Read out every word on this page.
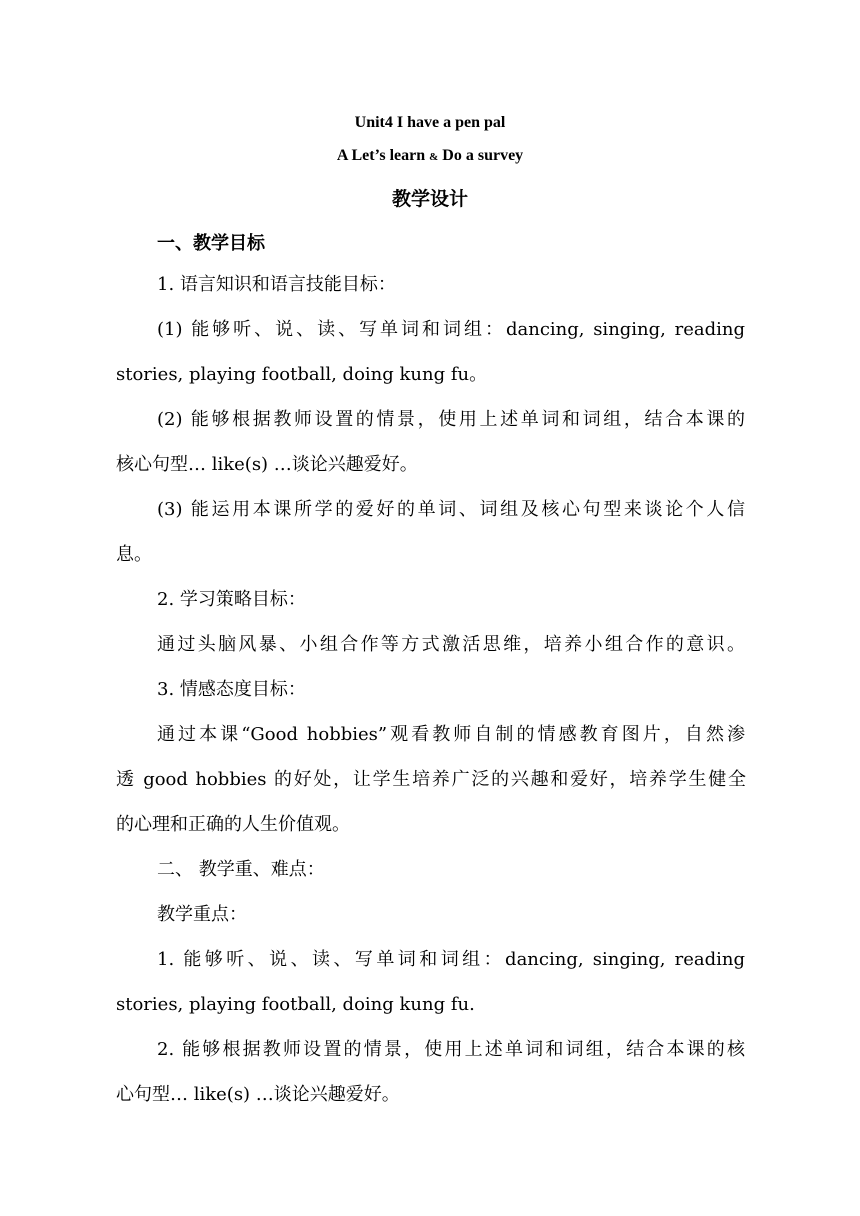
Unit4 I have a pen pal
A Let’s learn & Do a survey
教学设计
一、教学目标
1. 语言知识和语言技能目标：
(1) 能够听、说、读、写单词和词组：dancing, singing, reading
stories, playing football, doing kung fu。
(2) 能够根据教师设置的情景，使用上述单词和词组，结合本课的
核心句型… like(s) …谈论兴趣爱好。
(3) 能运用本课所学的爱好的单词、词组及核心句型来谈论个人信
息。
2. 学习策略目标：
通过头脑风暴、小组合作等方式激活思维，培养小组合作的意识。
3. 情感态度目标：
通过本课“Good hobbies”观看教师自制的情感教育图片，自然渗
透 good hobbies 的好处，让学生培养广泛的兴趣和爱好，培养学生健全
的心理和正确的人生价值观。
二、 教学重、难点：
教学重点：
1. 能够听、说、读、写单词和词组：dancing, singing, reading
stories, playing football, doing kung fu.
2. 能够根据教师设置的情景，使用上述单词和词组，结合本课的核
心句型… like(s) …谈论兴趣爱好。
